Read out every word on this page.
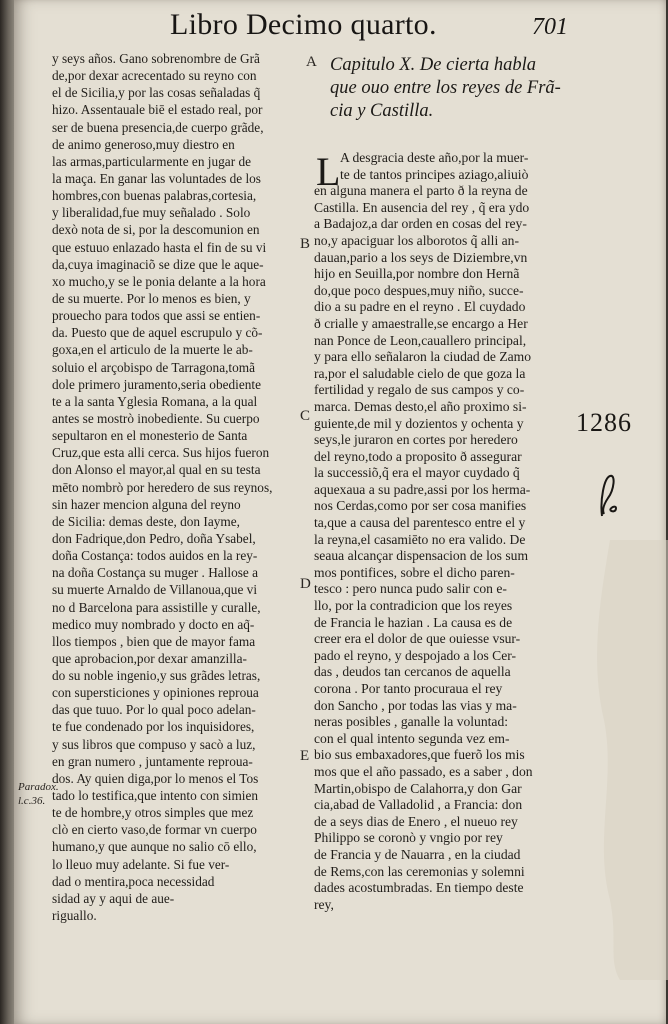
Libro Decimo quarto.	701
y seys años. Gano sobrenombre de Grã
de,por dexar acrecentado su reyno con
el de Sicilia,y por las cosas señaladas q̃
hizo. Assentauale biē el estado real, por
ser de buena presencia,de cuerpo grãde,
de animo generoso,muy diestro en
las armas,particularmente en jugar de
la maça. En ganar las voluntades de los
hombres,con buenas palabras,cortesia,
y liberalidad,fue muy señalado . Solo
dexò nota de si, por la descomunion en
que estuuo enlazado hasta el fin de su vi
da,cuya imaginaciõ se dize que le aque-
xo mucho,y se le ponia delante a la hora
de su muerte. Por lo menos es bien, y
prouecho para todos que assi se entien-
da. Puesto que de aquel escrupulo y cõ-
goxa,en el articulo de la muerte le ab-
soluio el arçobispo de Tarragona,tomã
dole primero juramento,seria obediente
te a la santa Yglesia Romana, a la qual
antes se mostrò inobediente. Su cuerpo
sepultaron en el monesterio de Santa
Cruz,que esta alli cerca. Sus hijos fueron
don Alonso el mayor,al qual en su testa
mēto nombrò por heredero de sus reynos,
sin hazer mencion alguna del reyno
de Sicilia: demas deste, don Iayme,
don Fadrique,don Pedro, doña Ysabel,
doña Costança: todos auidos en la rey-
na doña Costança su muger . Hallose a
su muerte Arnaldo de Villanoua,que vi
no d Barcelona para assistille y curalle,
medico muy nombrado y docto en aq̃-
llos tiempos , bien que de mayor fama
que aprobacion,por dexar amanzilla-
do su noble ingenio,y sus grãdes letras,
con supersticiones y opiniones reproua
das que tuuo. Por lo qual poco adelan-
te fue condenado por los inquisidores,
y sus libros que compuso y sacò a luz,
en gran numero , juntamente reproua-
dos. Ay quien diga,por lo menos el Tos
tado lo testifica,que intento con simien
te de hombre,y otros simples que mez
clò en cierto vaso,de formar vn cuerpo
humano,y que aunque no salio cō ello,
lo lleuo muy adelante. Si fue ver-
dad o mentira,poca necessidad
sidad ay y aqui de aue-
riguallo.
Capitulo X. De cierta habla
que ouo entre los reyes de Frã-
cia y Castilla.
L A desgracia deste año,por la muer-
te de tantos principes aziago,aliuiò
en alguna manera el parto ð la reyna de
Castilla. En ausencia del rey , q̃ era ydo
a Badajoz,a dar orden en cosas del rey-
no,y apaciguar los alborotos q̃ alli an-
dauan,pario a los seys de Diziembre,vn
hijo en Seuilla,por nombre don Hernã
do,que poco despues,muy niño, succe-
dio a su padre en el reyno . El cuydado
ð crialle y amaestralle,se encargo a Her
nan Ponce de Leon,cauallero principal,
y para ello señalaron la ciudad de Zamo
ra,por el saludable cielo de que goza la
fertilidad y regalo de sus campos y co-
marca. Demas desto,el año proximo si-
guiente,de mil y dozientos y ochenta y
seys,le juraron en cortes por heredero
del reyno,todo a proposito ð assegurar
la successiõ,q̃ era el mayor cuydado q̃
aquexaua a su padre,assi por los herma-
nos Cerdas,como por ser cosa manifies
ta,que a causa del parentesco entre el y
la reyna,el casamiēto no era valido. De
seaua alcançar dispensacion de los sum
mos pontifices, sobre el dicho paren-
tesco : pero nunca pudo salir con e-
llo, por la contradicion que los reyes
de Francia le hazian . La causa es de
creer era el dolor de que ouiesse vsur-
pado el reyno, y despojado a los Cer-
das , deudos tan cercanos de aquella
corona . Por tanto procuraua el rey
don Sancho , por todas las vias y ma-
neras posibles , ganalle la voluntad:
con el qual intento segunda vez em-
bio sus embaxadores,que fuerõ los mis
mos que el año passado, es a saber , don
Martin,obispo de Calahorra,y don Gar
cia,abad de Valladolid , a Francia: don
de a seys dias de Enero , el nueuo rey
Philippo se coronò y vngio por rey
de Francia y de Nauarra , en la ciudad
de Rems,con las ceremonias y solemni
dades acostumbradas. En tiempo deste
rey,
A
B
C
D
E
Paradox.
l.c.36.
1286
